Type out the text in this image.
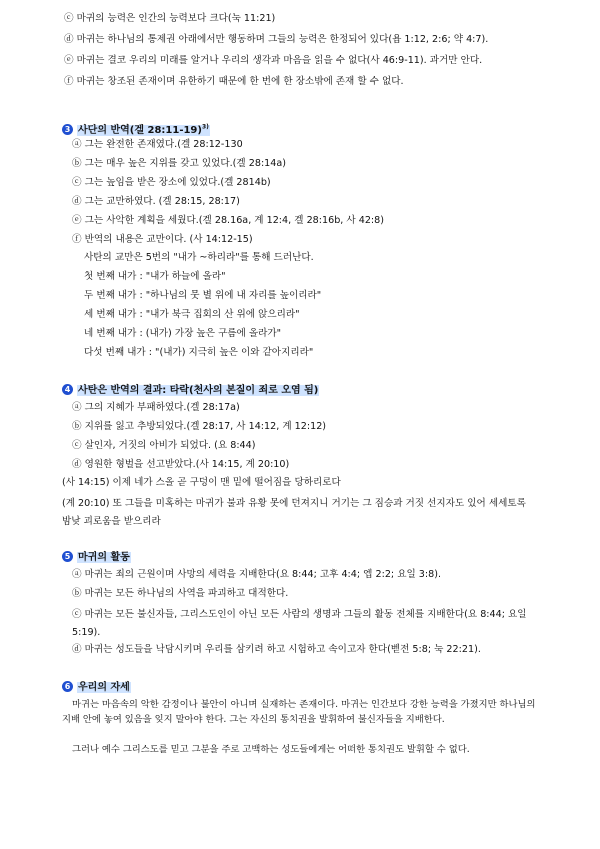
ⓒ 마귀의 능력은 인간의 능력보다 크다(눅 11:21)
ⓓ 마귀는 하나님의 통제권 아래에서만 행동하며 그들의 능력은 한정되어 있다(욥 1:12, 2:6; 약 4:7).
ⓔ 마귀는 결코 우리의 미래를 알거나 우리의 생각과 마음을 읽을 수 없다(사 46:9-11). 과거만 안다.
ⓕ 마귀는 창조된 존재이며 유한하기 때문에 한 번에 한 장소밖에 존재 할 수 없다.
3 사단의 반역(겔 28:11-19)$^{3)}$
ⓐ 그는 완전한 존재였다.(겔 28:12-130
ⓑ 그는 매우 높은 지위를 갖고 있었다.(겔 28:14a)
ⓒ 그는 높임을 받은 장소에 있었다.(겔 2814b)
ⓓ 그는 교만하였다. (겔 28:15, 28:17)
ⓔ 그는 사악한 계획을 세웠다.(겔 28.16a, 계 12:4, 겔 28:16b, 사 42:8)
ⓕ 반역의 내용은 교만이다. (사 14:12-15)
사탄의 교만은 5번의 "내가 ~하리라"를 통해 드러난다.
첫 번째 내가 : "내가 하늘에 올라"
두 번째 내가 : "하나님의 뭇 별 위에 내 자리를 높이리라"
세 번째 내가 : "내가 북극 집회의 산 위에 앉으리라"
네 번째 내가 : (내가) 가장 높은 구름에 올라가"
다섯 번째 내가 : "(내가) 지극히 높은 이와 같아지리라"
4 사탄은 반역의 결과: 타락(천사의 본질이 죄로 오염 됨)
ⓐ 그의 지혜가 부패하였다.(겔 28:17a)
ⓑ 지위를 잃고 추방되었다.(겔 28:17, 사 14:12, 계 12:12)
ⓒ 살인자, 거짓의 아비가 되었다. (요 8:44)
ⓓ 영원한 형벌을 선고받았다.(사 14:15, 계 20:10)
(사 14:15) 이제 네가 스올 곧 구덩이 맨 밑에 떨어짐을 당하리로다
(계 20:10) 또 그들을 미혹하는 마귀가 불과 유황 못에 던져지니 거기는 그 짐승과 거짓 선지자도 있어 세세토록 밤낮 괴로움을 받으리라
5 마귀의 활동
ⓐ 마귀는 죄의 근원이며 사망의 세력을 지배한다(요 8:44; 고후 4:4; 엡 2:2; 요일 3:8).
ⓑ 마귀는 모든 하나님의 사역을 파괴하고 대적한다.
ⓒ 마귀는 모든 불신자들, 그리스도인이 아닌 모든 사람의 생명과 그들의 활동 전체를 지배한다(요 8:44; 요일 5:19).
ⓓ 마귀는 성도들을 낙담시키며 우리를 삼키려 하고 시험하고 속이고자 한다(벧전 5:8; 눅 22:21).
6 우리의 자세
마귀는 마음속의 악한 감정이나 불안이 아니며 실재하는 존재이다. 마귀는 인간보다 강한 능력을 가졌지만 하나님의 지배 안에 놓여 있음을 잊지 말아야 한다. 그는 자신의 통치권을 발휘하여 불신자들을 지배한다.
그러나 예수 그리스도를 믿고 그분을 주로 고백하는 성도들에게는 어떠한 통치권도 발휘할 수 없다.
